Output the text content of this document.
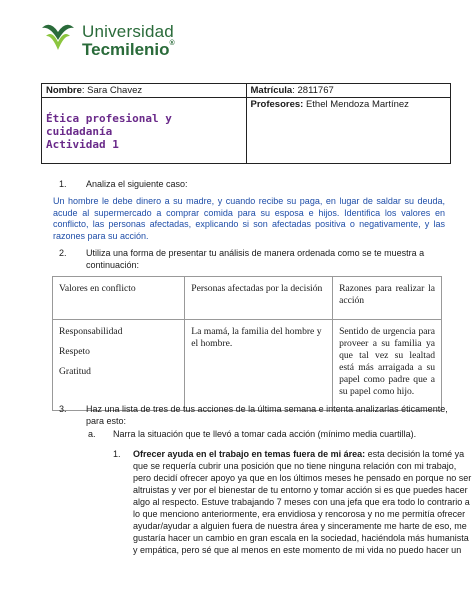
Universidad
Tecmilenio®
Nombre: Sara Chavez	Matrícula: 2811767

Ética profesional y
cuidadanía
Actividad 1	Profesores: Ethel Mendoza Martínez
1. Analiza el siguiente caso:
Un hombre le debe dinero a su madre, y cuando recibe su paga, en lugar de saldar su deuda, acude al supermercado a comprar comida para su esposa e hijos. Identifica los valores en conflicto, las personas afectadas, explicando si son afectadas positiva o negativamente, y las razones para su acción.
2. Utiliza una forma de presentar tu análisis de manera ordenada como se te muestra a
continuación:
Valores en conflicto	Personas afectadas por la decisión	Razones para realizar la acción

Responsabilidad
Respeto
Gratitud	La mamá, la familia del hombre y el hombre.	Sentido de urgencia para proveer a su familia ya que tal vez su lealtad está más arraigada a su papel como padre que a su papel como hijo.
3. Haz una lista de tres de tus acciones de la última semana e intenta analizarlas éticamente,
para esto:
a. Narra la situación que te llevó a tomar cada acción (mínimo media cuartilla).
1. Ofrecer ayuda en el trabajo en temas fuera de mi área: esta decisión la tomé ya
que se requería cubrir una posición que no tiene ninguna relación con mi trabajo,
pero decidí ofrecer apoyo ya que en los últimos meses he pensado en porque no ser
altruistas y ver por el bienestar de tu entorno y tomar acción si es que puedes hacer
algo al respecto. Estuve trabajando 7 meses con una jefa que era todo lo contrario a
lo que menciono anteriormente, era envidiosa y rencorosa y no me permitía ofrecer
ayudar/ayudar a alguien fuera de nuestra área y sinceramente me harte de eso, me
gustaría hacer un cambio en gran escala en la sociedad, haciéndola más humanista
y empática, pero sé que al menos en este momento de mi vida no puedo hacer un
